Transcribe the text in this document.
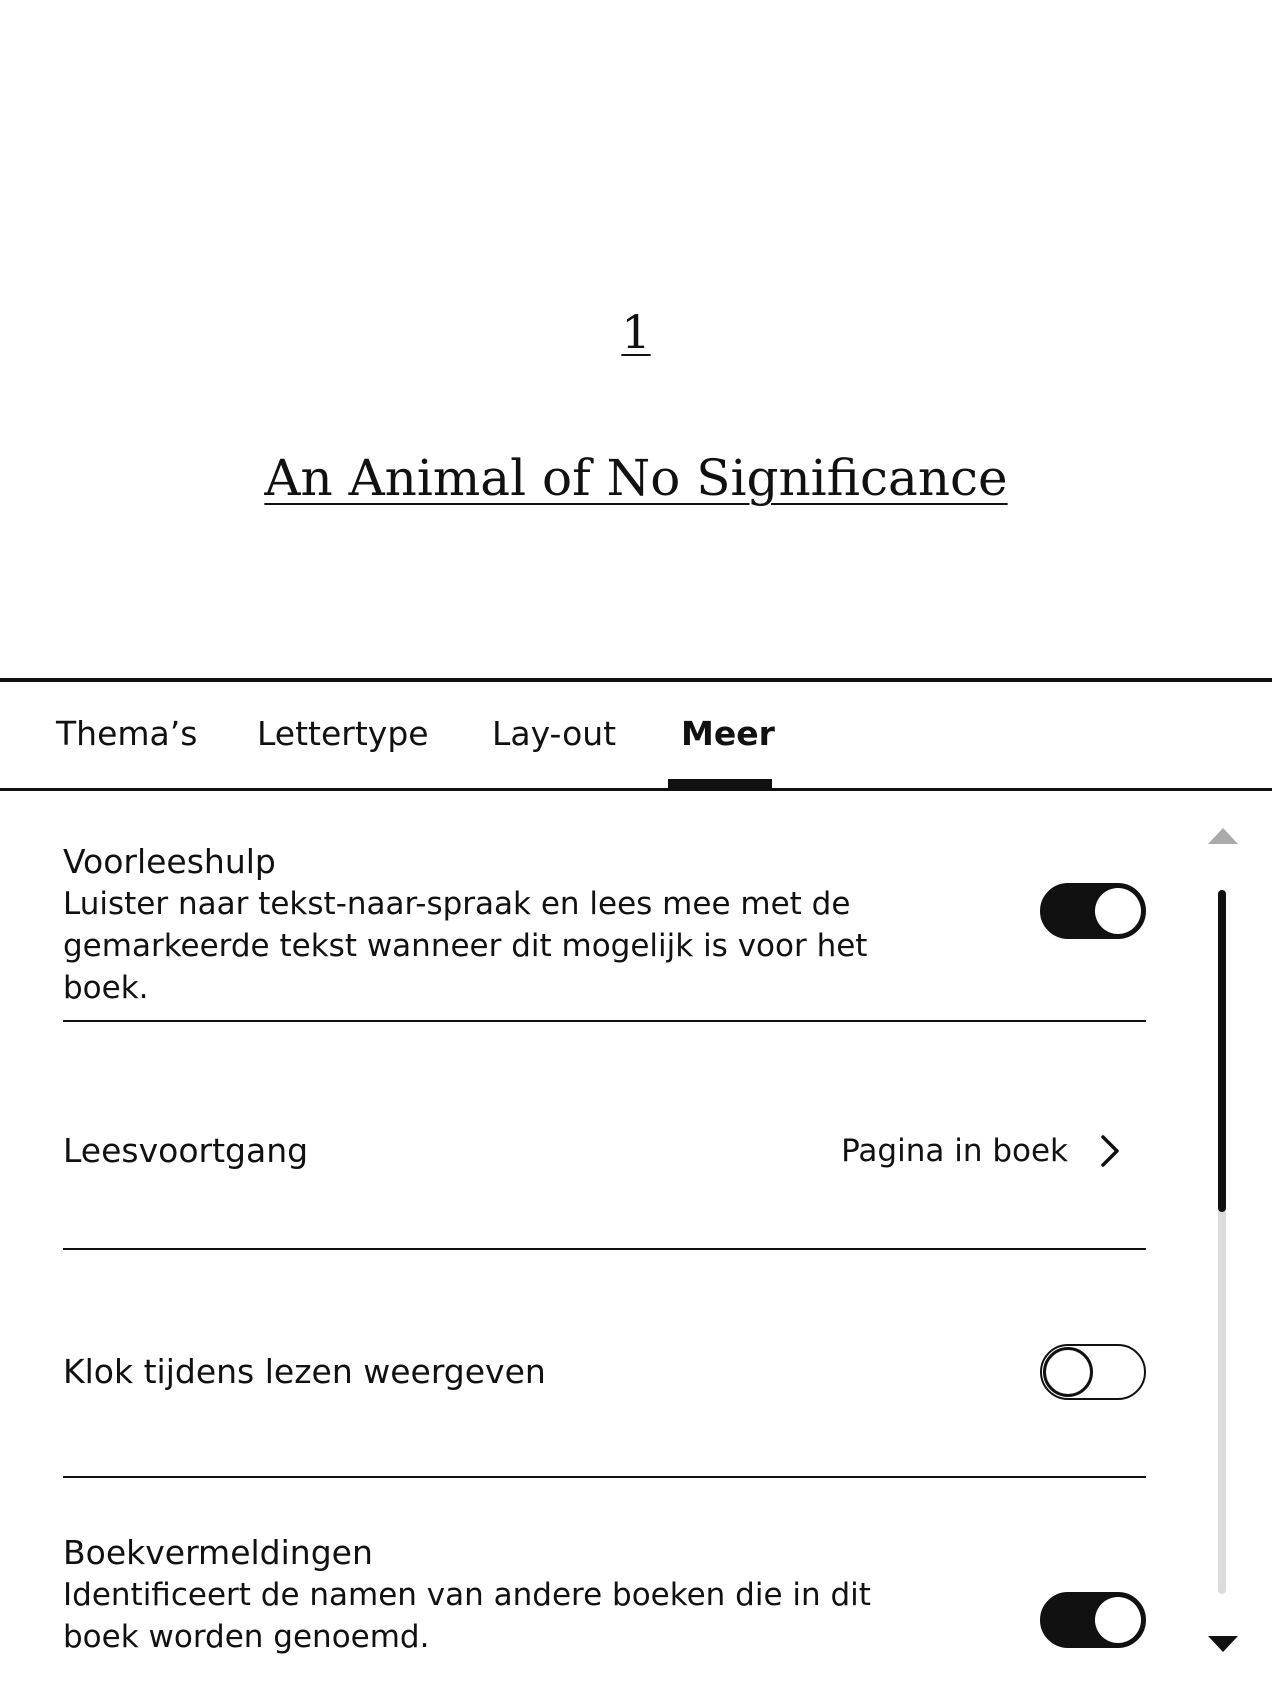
1
An Animal of No Significance
Thema’s Lettertype Lay-out Meer
Voorleeshulp
Luister naar tekst-naar-spraak en lees mee met de gemarkeerde tekst wanneer dit mogelijk is voor het boek.
Leesvoortgang	Pagina in boek
Klok tijdens lezen weergeven
Boekvermeldingen
Identificeert de namen van andere boeken die in dit boek worden genoemd.
